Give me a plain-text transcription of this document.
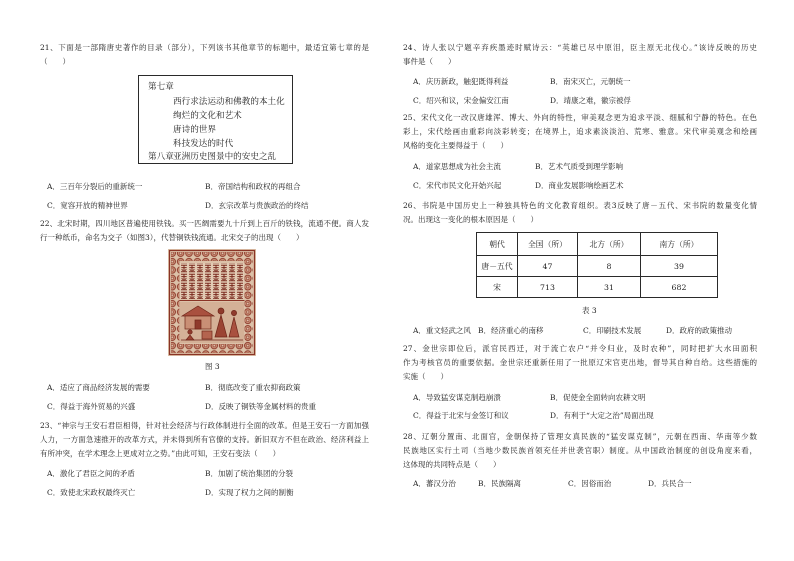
21、下面是一部隋唐史著作的目录（部分），下列该书其他章节的标题中，最适宜第七章的是
（　　）
第七章
西行求法运动和佛教的本土化
绚烂的文化和艺术
唐诗的世界
科技发达的时代
第八章 亚洲历史图景中的安史之乱
A．三百年分裂后的重新统一	B．帝国结构和政权的再组合
C．宽容开放的精神世界	D．玄宗改革与贵族政治的终结
22、北宋时期，四川地区普遍使用铁钱。买一匹绸需要九十斤到上百斤的铁钱，流通不便。商人发
行一种纸币，命名为交子（如图3），代替铜铁钱流通。北宋交子的出现（　　）
图 3
A．适应了商品经济发展的需要	B．彻底改变了重农抑商政策
C．得益于海外贸易的兴盛	D．反映了铜铁等金属材料的贵重
23、“神宗与王安石君臣相得，针对社会经济与行政体制进行全面的改革。但是王安石一方面加强
人力，一方面急速推开的改革方式，并未得到所有官僚的支持。新旧双方不但在政治、经济利益上
有所冲突，在学术理念上更成对立之势。”由此可知，王安石变法（　　）
A．激化了君臣之间的矛盾	B．加剧了统治集团的分裂
C．致使北宋政权最终灭亡	D．实现了权力之间的制衡
24、诗人张以宁题辛弃疾墨迹时赋诗云：“英雄已尽中原泪，臣主原无北伐心。”该诗反映的历史
事件是（　　）
A．庆历新政，触犯既得利益	B．南宋灭亡，元朝统一
C．绍兴和议，宋金偏安江南	D．靖康之难，徽宗被俘
25、宋代文化一改汉唐雄浑、博大、外向的特性，审美观念更为追求平淡、细腻和宁静的特色。在色
彩上，宋代绘画由重彩向淡彩转变；在境界上，追求素淡淡泊、荒寒、雅意。宋代审美观念和绘画
风格的变化主要得益于（　　）
A．道家思想成为社会主流	B．艺术气质受到理学影响
C．宋代市民文化开始兴起	D．商业发展影响绘画艺术
26、书院是中国历史上一种独具特色的文化教育组织。表3反映了唐－五代、宋书院的数量变化情
况。出现这一变化的根本原因是（　　）
朝代	全国（所）	北方（所）	南方（所）
唐－五代	47	8	39
宋	713	31	682
表 3
A．重文轻武之风 B．经济重心的南移	C．印刷技术发展	D．政府的政策推动
27、金世宗即位后，派官民西迁，对于流亡农户“并令归业，及时农种”，同时把扩大水田面积
作为考核官员的重要依据。金世宗还重新任用了一批原辽宋官吏出地，督导其自种自给。这些措施的
实施（　　）
A．导致猛安谋克制趋崩溃	B．促使金全面转向农耕文明
C．得益于北宋与金签订和议	D．有利于“大定之治”局面出现
28、辽朝分置南、北面官，金朝保持了管理女真民族的“猛安谋克制”，元朝在西南、华南等少数
民族地区实行土司（当地少数民族首领充任并世袭官职）制度。从中国政治制度的创设角度来看，
这体现的共同特点是（　　）
A．蕃汉分治	B．民族隔离	C．因俗而治	D．兵民合一
